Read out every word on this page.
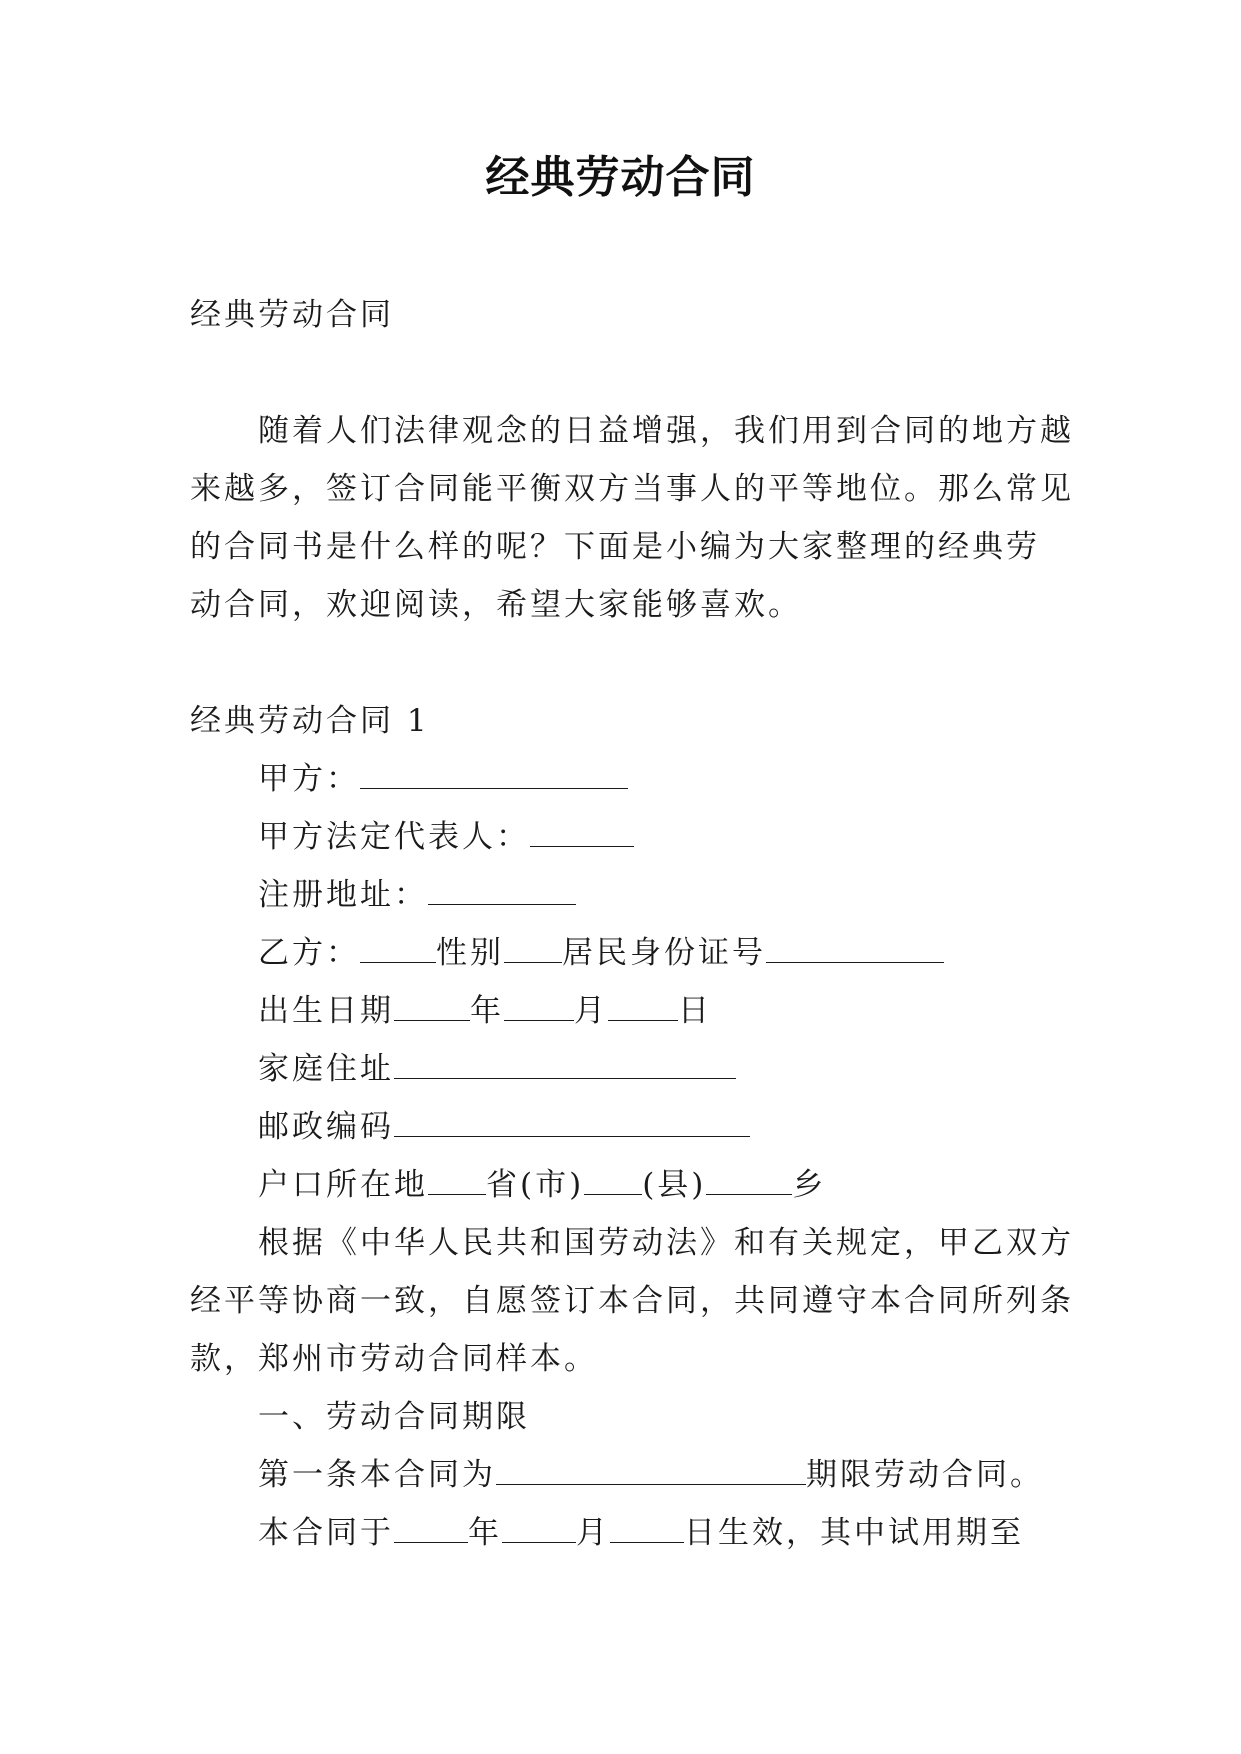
经典劳动合同
经典劳动合同
随着人们法律观念的日益增强，我们用到合同的地方越
来越多，签订合同能平衡双方当事人的平等地位。那么常见
的合同书是什么样的呢？下面是小编为大家整理的经典劳
动合同，欢迎阅读，希望大家能够喜欢。
经典劳动合同 1
甲方：
甲方法定代表人：
注册地址：
乙方： 性别 居民身份证号
出生日期 年 月 日
家庭住址
邮政编码
户口所在地 省(市) (县)	乡
根据《中华人民共和国劳动法》和有关规定，甲乙双方
经平等协商一致，自愿签订本合同，共同遵守本合同所列条
款，郑州市劳动合同样本。
一、劳动合同期限
第一条本合同为	期限劳动合同。
本合同于 年 月 日生效，其中试用期至
